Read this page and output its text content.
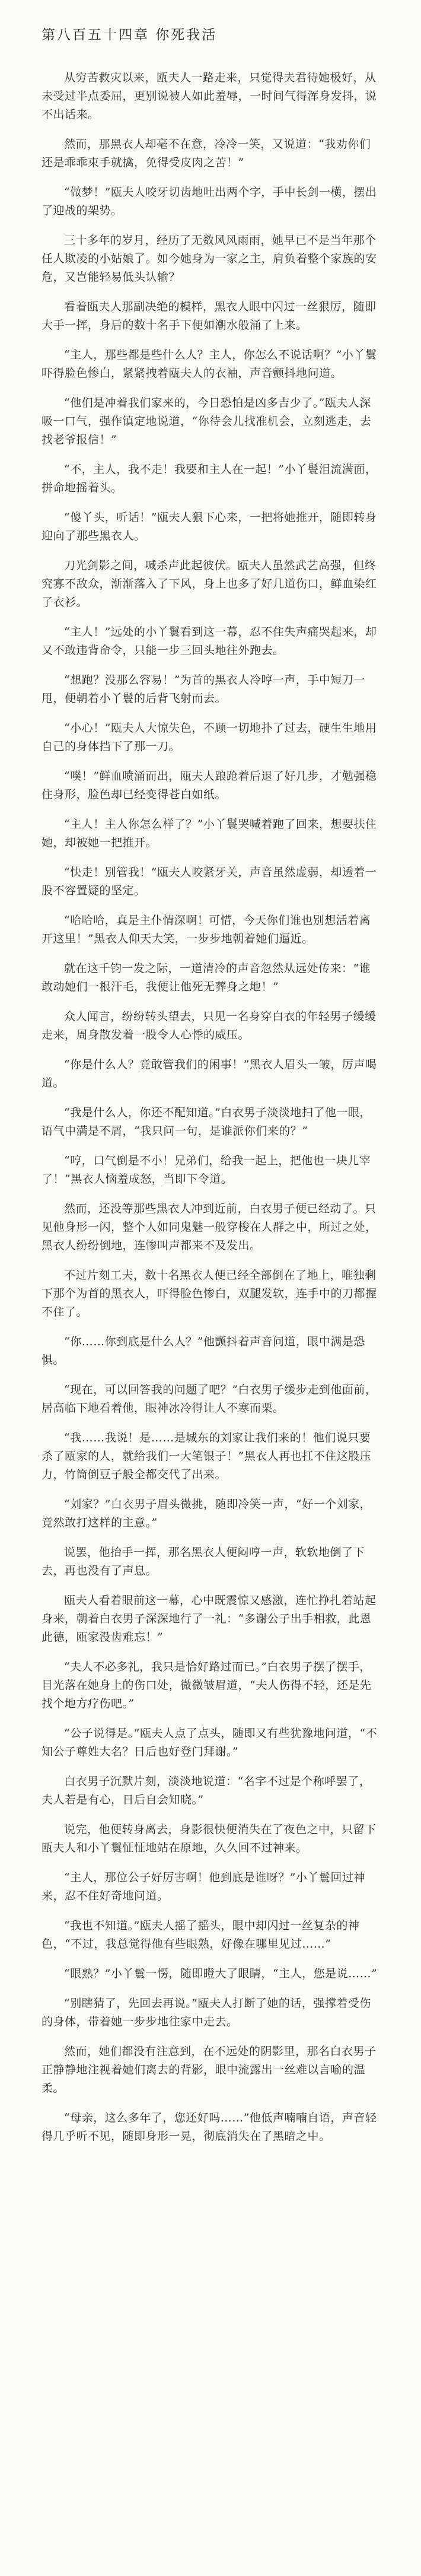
第八百五十四章 你死我活

从穷苦救灾以来，瓯夫人一路走来，只觉得夫君待她极好，从未受过半点委屈，更别说被人如此羞辱，一时间气得浑身发抖，说不出话来。

然而，那黑衣人却毫不在意，冷冷一笑，又说道：“我劝你们还是乖乖束手就擒，免得受皮肉之苦！”

“做梦！”瓯夫人咬牙切齿地吐出两个字，手中长剑一横，摆出了迎战的架势。

三十多年的岁月，经历了无数风风雨雨，她早已不是当年那个任人欺凌的小姑娘了。如今她身为一家之主，肩负着整个家族的安危，又岂能轻易低头认输？

看着瓯夫人那副决绝的模样，黑衣人眼中闪过一丝狠厉，随即大手一挥，身后的数十名手下便如潮水般涌了上来。

“主人，那些都是些什么人？主人，你怎么不说话啊？”小丫鬟吓得脸色惨白，紧紧拽着瓯夫人的衣袖，声音颤抖地问道。

“他们是冲着我们家来的，今日恐怕是凶多吉少了。”瓯夫人深吸一口气，强作镇定地说道，“你待会儿找准机会，立刻逃走，去找老爷报信！”

“不，主人，我不走！我要和主人在一起！”小丫鬟泪流满面，拼命地摇着头。

“傻丫头，听话！”瓯夫人狠下心来，一把将她推开，随即转身迎向了那些黑衣人。

刀光剑影之间，喊杀声此起彼伏。瓯夫人虽然武艺高强，但终究寡不敌众，渐渐落入了下风，身上也多了好几道伤口，鲜血染红了衣衫。

“主人！”远处的小丫鬟看到这一幕，忍不住失声痛哭起来，却又不敢违背命令，只能一步三回头地往外跑去。

“想跑？没那么容易！”为首的黑衣人冷哼一声，手中短刀一甩，便朝着小丫鬟的后背飞射而去。

“小心！”瓯夫人大惊失色，不顾一切地扑了过去，硬生生地用自己的身体挡下了那一刀。

“噗！”鲜血喷涌而出，瓯夫人踉跄着后退了好几步，才勉强稳住身形，脸色却已经变得苍白如纸。

“主人！主人你怎么样了？”小丫鬟哭喊着跑了回来，想要扶住她，却被她一把推开。

“快走！别管我！”瓯夫人咬紧牙关，声音虽然虚弱，却透着一股不容置疑的坚定。

“哈哈哈，真是主仆情深啊！可惜，今天你们谁也别想活着离开这里！”黑衣人仰天大笑，一步步地朝着她们逼近。

就在这千钧一发之际，一道清冷的声音忽然从远处传来：“谁敢动她们一根汗毛，我便让他死无葬身之地！”

众人闻言，纷纷转头望去，只见一名身穿白衣的年轻男子缓缓走来，周身散发着一股令人心悸的威压。

“你是什么人？竟敢管我们的闲事！”黑衣人眉头一皱，厉声喝道。

“我是什么人，你还不配知道。”白衣男子淡淡地扫了他一眼，语气中满是不屑，“我只问一句，是谁派你们来的？”

“哼，口气倒是不小！兄弟们，给我一起上，把他也一块儿宰了！”黑衣人恼羞成怒，当即下令道。

然而，还没等那些黑衣人冲到近前，白衣男子便已经动了。只见他身形一闪，整个人如同鬼魅一般穿梭在人群之中，所过之处，黑衣人纷纷倒地，连惨叫声都来不及发出。

不过片刻工夫，数十名黑衣人便已经全部倒在了地上，唯独剩下那个为首的黑衣人，吓得脸色惨白，双腿发软，连手中的刀都握不住了。

“你……你到底是什么人？”他颤抖着声音问道，眼中满是恐惧。

“现在，可以回答我的问题了吧？”白衣男子缓步走到他面前，居高临下地看着他，眼神冰冷得让人不寒而栗。

“我……我说！是……是城东的刘家让我们来的！他们说只要杀了瓯家的人，就给我们一大笔银子！”黑衣人再也扛不住这股压力，竹筒倒豆子般全都交代了出来。

“刘家？”白衣男子眉头微挑，随即冷笑一声，“好一个刘家，竟然敢打这样的主意。”

说罢，他抬手一挥，那名黑衣人便闷哼一声，软软地倒了下去，再也没有了声息。

瓯夫人看着眼前这一幕，心中既震惊又感激，连忙挣扎着站起身来，朝着白衣男子深深地行了一礼：“多谢公子出手相救，此恩此德，瓯家没齿难忘！”

“夫人不必多礼，我只是恰好路过而已。”白衣男子摆了摆手，目光落在她身上的伤口处，微微皱眉道，“夫人伤得不轻，还是先找个地方疗伤吧。”

“公子说得是。”瓯夫人点了点头，随即又有些犹豫地问道，“不知公子尊姓大名？日后也好登门拜谢。”

白衣男子沉默片刻，淡淡地说道：“名字不过是个称呼罢了，夫人若是有心，日后自会知晓。”

说完，他便转身离去，身影很快便消失在了夜色之中，只留下瓯夫人和小丫鬟怔怔地站在原地，久久回不过神来。

“主人，那位公子好厉害啊！他到底是谁呀？”小丫鬟回过神来，忍不住好奇地问道。

“我也不知道。”瓯夫人摇了摇头，眼中却闪过一丝复杂的神色，“不过，我总觉得他有些眼熟，好像在哪里见过……”

“眼熟？”小丫鬟一愣，随即瞪大了眼睛，“主人，您是说……”

“别瞎猜了，先回去再说。”瓯夫人打断了她的话，强撑着受伤的身体，带着她一步步地往家中走去。

然而，她们都没有注意到，在不远处的阴影里，那名白衣男子正静静地注视着她们离去的背影，眼中流露出一丝难以言喻的温柔。

“母亲，这么多年了，您还好吗……”他低声喃喃自语，声音轻得几乎听不见，随即身形一晃，彻底消失在了黑暗之中。
